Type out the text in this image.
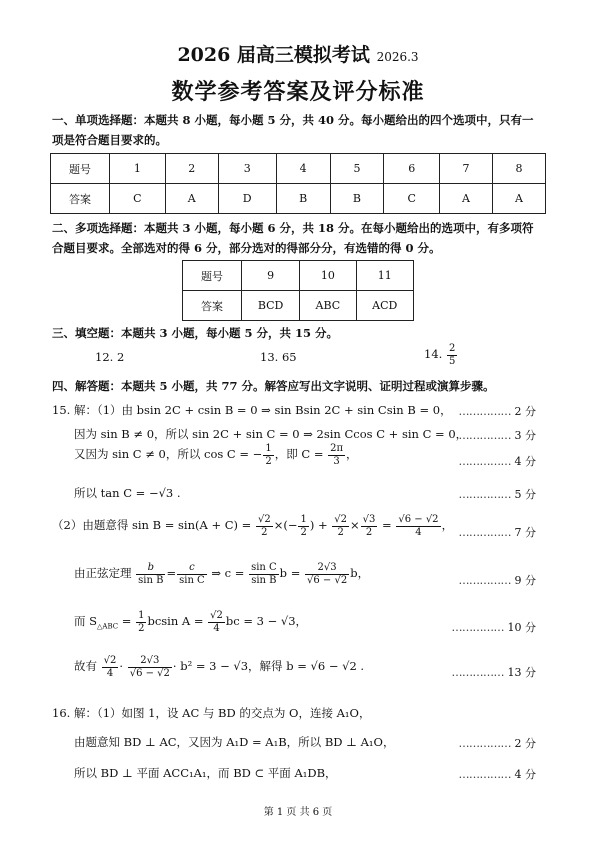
2026 届高三模拟考试 2026.3
数学参考答案及评分标准
一、单项选择题：本题共 8 小题，每小题 5 分，共 40 分。每小题给出的四个选项中，只有一
项是符合题目要求的。
题号	1	2	3	4	5	6	7	8
答案	C	A	D	B	B	C	A	A
二、多项选择题：本题共 3 小题，每小题 6 分，共 18 分。在每小题给出的选项中，有多项符
合题目要求。全部选对的得 6 分，部分选对的得部分分，有选错的得 0 分。
题号	9	10	11
答案	BCD	ABC	ACD
三、填空题：本题共 3 小题，每小题 5 分，共 15 分。
12. 2	13. 65	14. $\frac{2}{5}$
四、解答题：本题共 5 小题，共 77 分。解答应写出文字说明、证明过程或演算步骤。
15. 解：（1）由 bsin 2C + csin B = 0 ⇒ sin Bsin 2C + sin Csin B = 0， …………… 2 分
因为 sin B ≠ 0，所以 sin 2C + sin C = 0 ⇒ 2sin Ccos C + sin C = 0，
…………… 3 分
又因为 sin C ≠ 0，所以 cos C = − $\frac{1}{2}$ ，即 $C = \frac{2\pi}{3}$ ，
…………… 4 分
所以 tan C = −√3 .	…………… 5 分
（2）由题意得 $\sin B = \sin(A + C) = \frac{√2}{2}$ ×(− $\frac{1}{2}$ ) + $\frac{√2}{2} \times \frac{√3}{2} = \frac{√6 - √2}{4}$ ，
…………… 7 分
由正弦定理 $\frac{b}{\text{sin B}} = \frac{c}{\text{sin C}}$ ⇒ $c = \frac{\text{sin C}}{\text{sin B}}$ $b = \frac{2√3}{√6 - √2}$ b，
…………… 9 分
而 $S_{\triangle ABC} = \frac{1}{2}$ bcsin $A = \frac{√2}{4}$ bc = 3 − √3，	…………… 10 分
故有 $\frac{√2}{4} \cdot \frac{2√3}{√6 - √2} \cdot b^2 = 3 - √3$，解得 b = √6 − √2 .	…………… 13 分
16. 解：（1）如图 1，设 AC 与 BD 的交点为 O，连接 A₁O，
由题意知 BD ⊥ AC，又因为 A₁D = A₁B，所以 BD ⊥ A₁O，	…………… 2 分
所以 BD ⊥ 平面 ACC₁A₁，而 BD ⊂ 平面 A₁DB，	…………… 4 分
第 1 页 共 6 页
